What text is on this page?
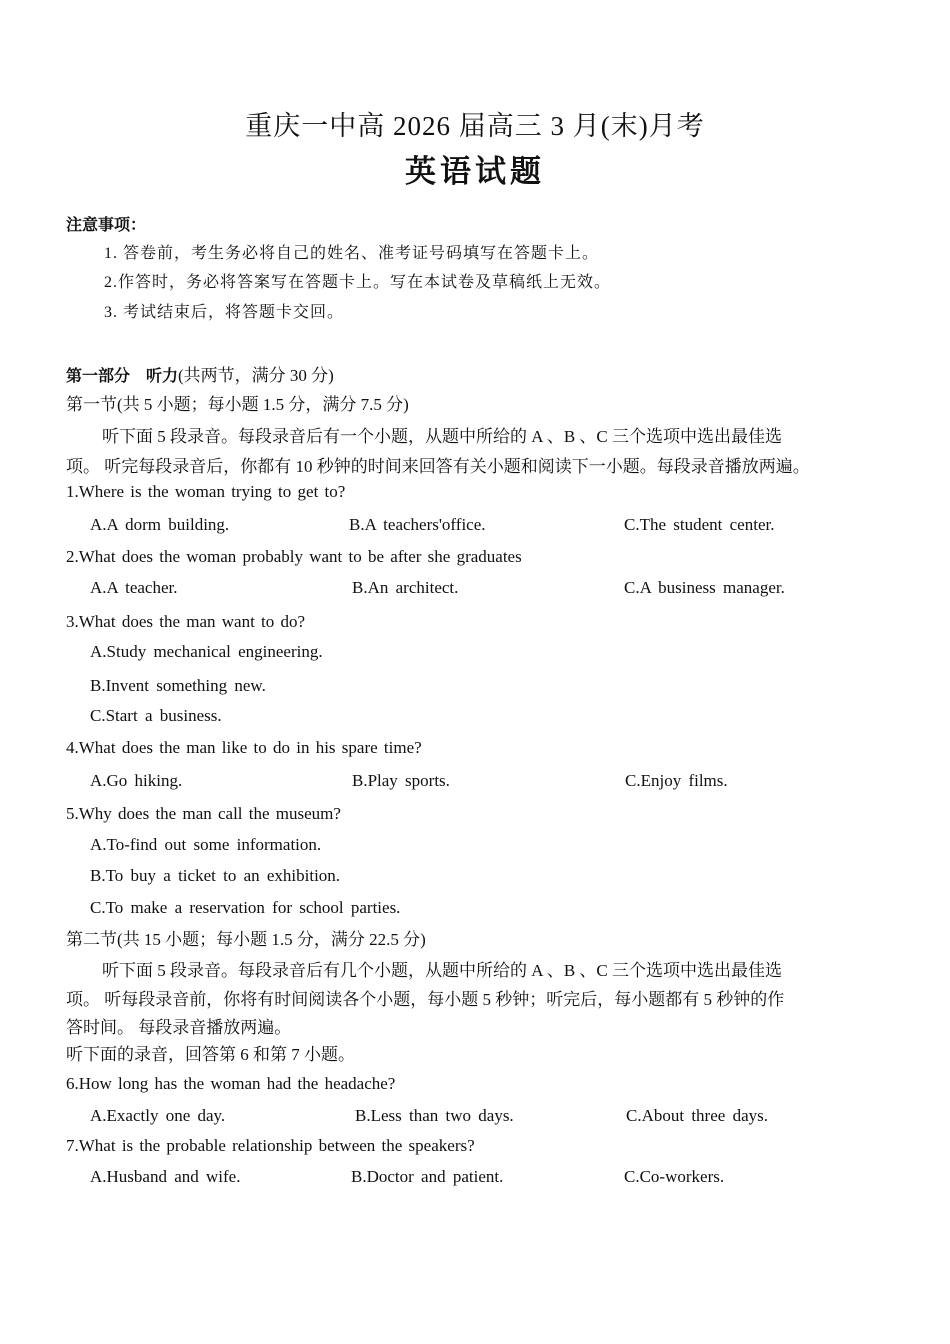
重庆一中高 2026 届高三 3 月(末)月考
英语试题
注意事项：
1. 答卷前，考生务必将自己的姓名、准考证号码填写在答题卡上。
2.作答时，务必将答案写在答题卡上。写在本试卷及草稿纸上无效。
3. 考试结束后，将答题卡交回。
第一部分　听力(共两节，满分 30 分)
第一节(共 5 小题；每小题 1.5 分，满分 7.5 分)
听下面 5 段录音。每段录音后有一个小题，从题中所给的 A 、B 、C 三个选项中选出最佳选
项。 听完每段录音后，你都有 10 秒钟的时间来回答有关小题和阅读下一小题。每段录音播放两遍。
1.Where is the woman trying to get to?
A.A dorm building.	B.A teachers'office.	C.The student center.
2.What does the woman probably want to be after she graduates
A.A teacher.	B.An architect.	C.A business manager.
3.What does the man want to do?
A.Study mechanical engineering.
B.Invent something new.
C.Start a business.
4.What does the man like to do in his spare time?
A.Go hiking.	B.Play sports.	C.Enjoy films.
5.Why does the man call the museum?
A.To-find out some information.
B.To buy a ticket to an exhibition.
C.To make a reservation for school parties.
第二节(共 15 小题；每小题 1.5 分，满分 22.5 分)
听下面 5 段录音。每段录音后有几个小题，从题中所给的 A 、B 、C 三个选项中选出最佳选
项。 听每段录音前，你将有时间阅读各个小题，每小题 5 秒钟；听完后，每小题都有 5 秒钟的作
答时间。 每段录音播放两遍。
听下面的录音，回答第 6 和第 7 小题。
6.How long has the woman had the headache?
A.Exactly one day.	B.Less than two days.	C.About three days.
7.What is the probable relationship between the speakers?
A.Husband and wife.	B.Doctor and patient.	C.Co-workers.
